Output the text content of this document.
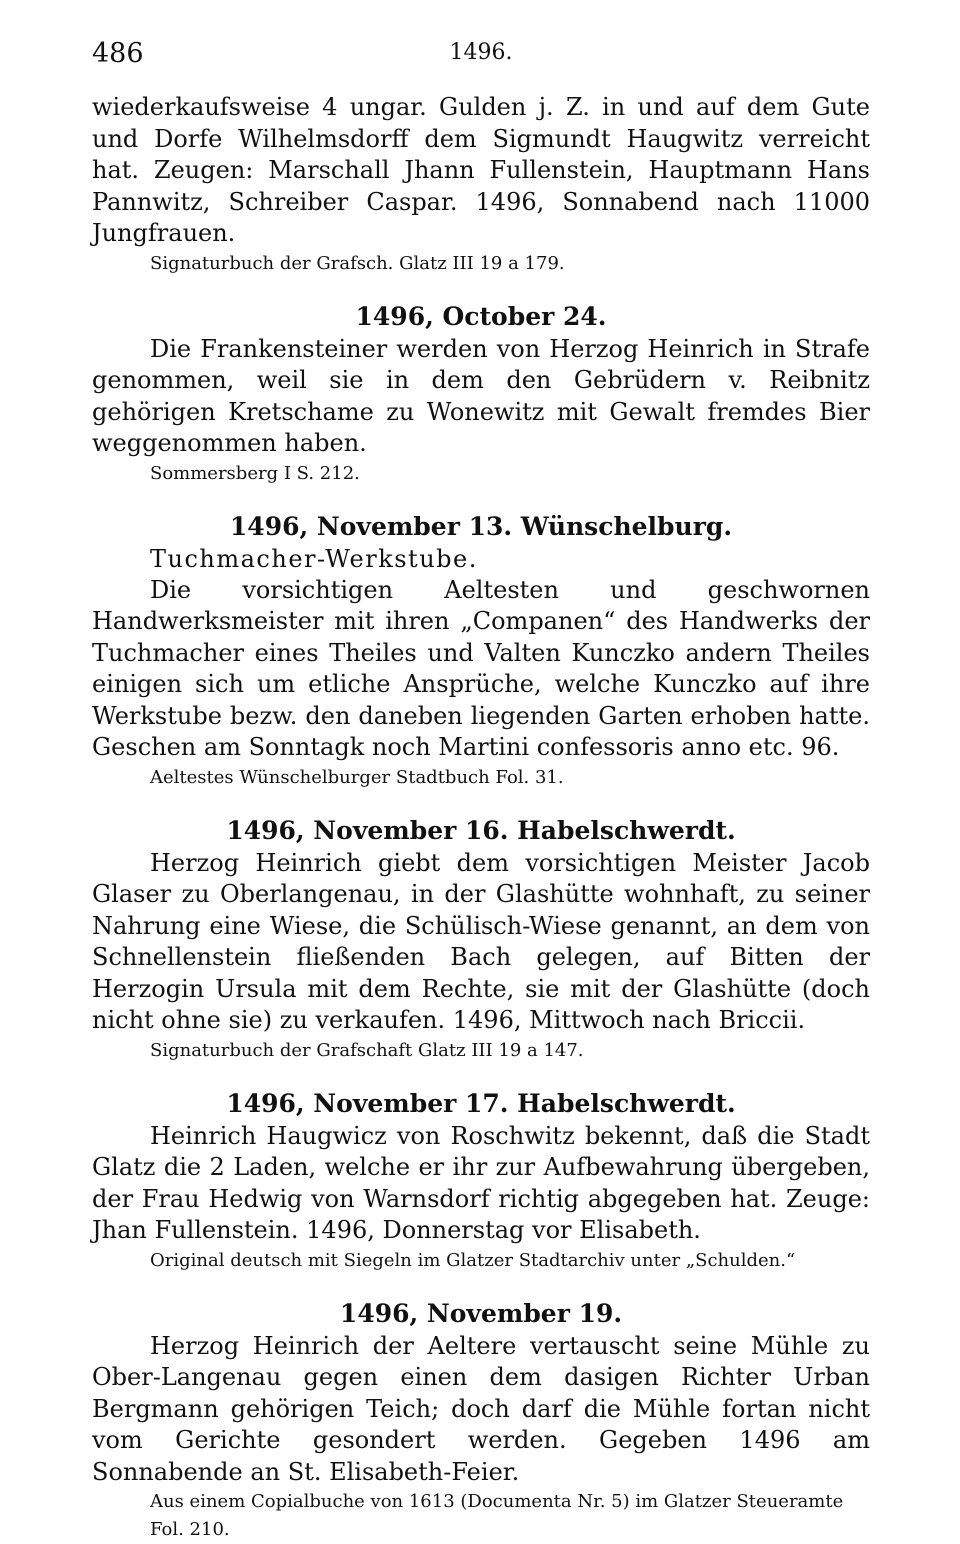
486	1496.

wiederkaufsweise 4 ungar. Gulden j. Z. in und auf dem Gute und Dorfe Wilhelmsdorff dem Sigmundt Haugwitz verreicht hat. Zeugen: Marschall Jhann Fullenstein, Hauptmann Hans Pannwitz, Schreiber Caspar. 1496, Sonnabend nach 11000 Jungfrauen.

Signaturbuch der Grafsch. Glatz III 19 a 179.

1496, October 24.

Die Frankensteiner werden von Herzog Heinrich in Strafe genommen, weil sie in dem den Gebrüdern v. Reibnitz gehörigen Kretschame zu Wonewitz mit Gewalt fremdes Bier weggenommen haben.

Sommersberg I S. 212.

1496, November 13. Wünschelburg.

Tuchmacher-Werkstube.

Die vorsichtigen Aeltesten und geschwornen Handwerksmeister mit ihren „Companen“ des Handwerks der Tuchmacher eines Theiles und Valten Kunczko andern Theiles einigen sich um etliche Ansprüche, welche Kunczko auf ihre Werkstube bezw. den daneben liegenden Garten erhoben hatte. Geschen am Sonntagk noch Martini confessoris anno etc. 96.

Aeltestes Wünschelburger Stadtbuch Fol. 31.

1496, November 16. Habelschwerdt.

Herzog Heinrich giebt dem vorsichtigen Meister Jacob Glaser zu Oberlangenau, in der Glashütte wohnhaft, zu seiner Nahrung eine Wiese, die Schülisch-Wiese genannt, an dem von Schnellenstein fließenden Bach gelegen, auf Bitten der Herzogin Ursula mit dem Rechte, sie mit der Glashütte (doch nicht ohne sie) zu verkaufen. 1496, Mittwoch nach Briccii.

Signaturbuch der Grafschaft Glatz III 19 a 147.

1496, November 17. Habelschwerdt.

Heinrich Haugwicz von Roschwitz bekennt, daß die Stadt Glatz die 2 Laden, welche er ihr zur Aufbewahrung übergeben, der Frau Hedwig von Warnsdorf richtig abgegeben hat. Zeuge: Jhan Fullenstein. 1496, Donnerstag vor Elisabeth.

Original deutsch mit Siegeln im Glatzer Stadtarchiv unter „Schulden.“

1496, November 19.

Herzog Heinrich der Aeltere vertauscht seine Mühle zu Ober-Langenau gegen einen dem dasigen Richter Urban Bergmann gehörigen Teich; doch darf die Mühle fortan nicht vom Gerichte gesondert werden. Gegeben 1496 am Sonnabende an St. Elisabeth-Feier.

Aus einem Copialbuche von 1613 (Documenta Nr. 5) im Glatzer Steueramte Fol. 210.
